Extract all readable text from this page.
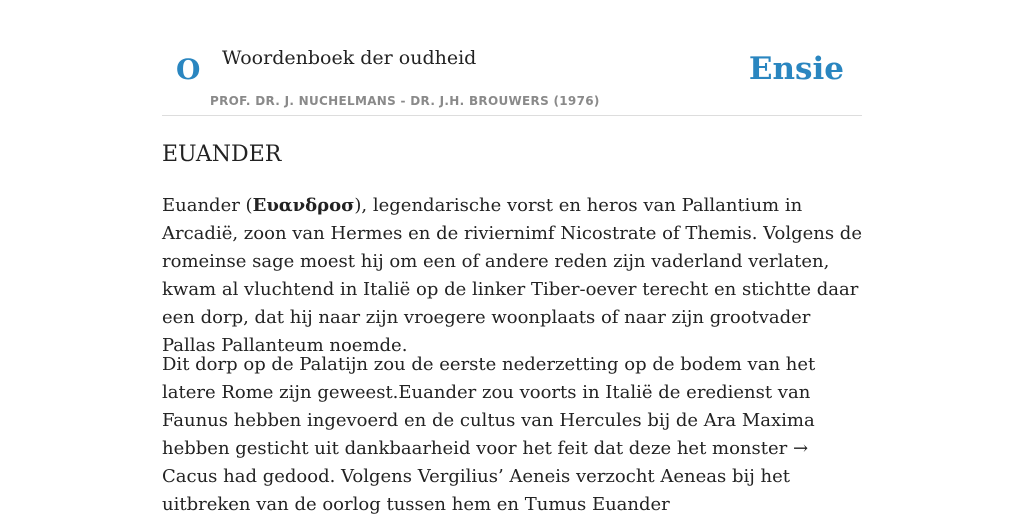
O Woordenboek der oudheid
PROF. DR. J. NUCHELMANS - DR. J.H. BROUWERS (1976)
Ensie
EUANDER

Euander (Ευανδροσ), legendarische vorst en heros van Pallantium in Arcadië, zoon van Hermes en de riviernimf Nicostrate of Themis. Volgens de romeinse sage moest hij om een of andere reden zijn vaderland verlaten, kwam al vluchtend in Italië op de linker Tiber-oever terecht en stichtte daar een dorp, dat hij naar zijn vroegere woonplaats of naar zijn grootvader Pallas Pallanteum noemde.

Dit dorp op de Palatijn zou de eerste nederzetting op de bodem van het latere Rome zijn geweest.Euander zou voorts in Italië de eredienst van Faunus hebben ingevoerd en de cultus van Hercules bij de Ara Maxima hebben gesticht uit dankbaarheid voor het feit dat deze het monster → Cacus had gedood. Volgens Vergilius’ Aeneis verzocht Aeneas bij het uitbreken van de oorlog tussen hem en Tumus Euander
